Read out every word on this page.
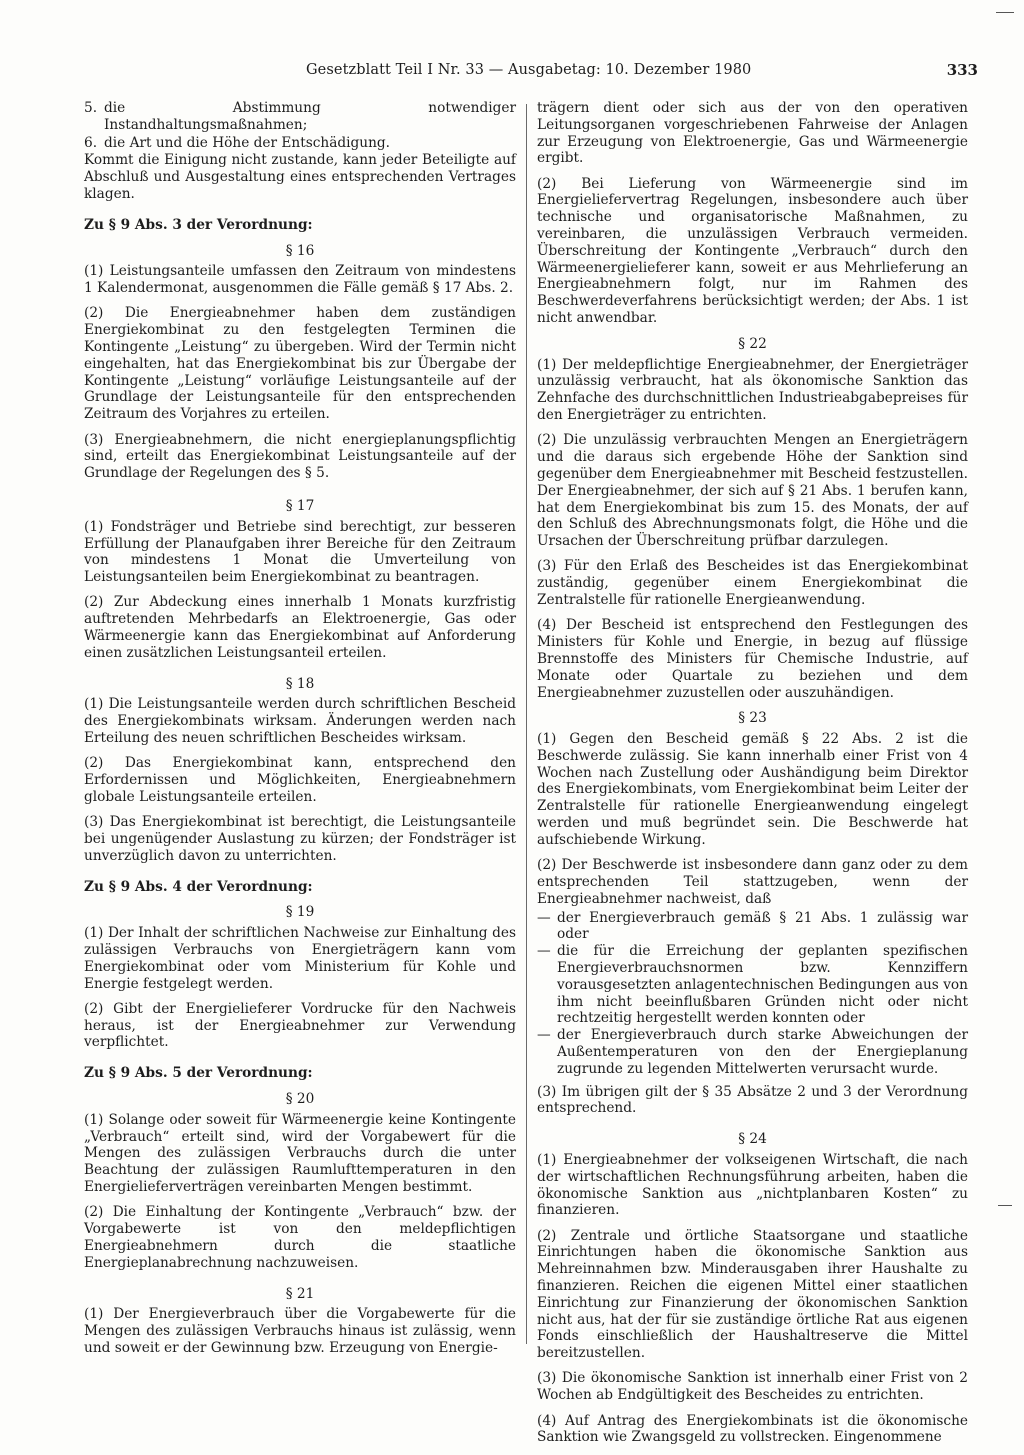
Gesetzblatt Teil I Nr. 33 — Ausgabetag: 10. Dezember 1980	333
5. die Abstimmung notwendiger Instandhaltungsmaßnahmen;
6. die Art und die Höhe der Entschädigung.

Kommt die Einigung nicht zustande, kann jeder Beteiligte auf Abschluß und Ausgestaltung eines entsprechenden Vertrages klagen.

Zu § 9 Abs. 3 der Verordnung:
§ 16

(1) Leistungsanteile umfassen den Zeitraum von mindestens 1 Kalendermonat, ausgenommen die Fälle gemäß § 17 Abs. 2.

(2) Die Energieabnehmer haben dem zuständigen Energiekombinat zu den festgelegten Terminen die Kontingente „Leistung“ zu übergeben. Wird der Termin nicht eingehalten, hat das Energiekombinat bis zur Übergabe der Kontingente „Leistung“ vorläufige Leistungsanteile auf der Grundlage der Leistungsanteile für den entsprechenden Zeitraum des Vorjahres zu erteilen.

(3) Energieabnehmern, die nicht energieplanungspflichtig sind, erteilt das Energiekombinat Leistungsanteile auf der Grundlage der Regelungen des § 5.

§ 17

(1) Fondsträger und Betriebe sind berechtigt, zur besseren Erfüllung der Planaufgaben ihrer Bereiche für den Zeitraum von mindestens 1 Monat die Umverteilung von Leistungsanteilen beim Energiekombinat zu beantragen.

(2) Zur Abdeckung eines innerhalb 1 Monats kurzfristig auftretenden Mehrbedarfs an Elektroenergie, Gas oder Wärmeenergie kann das Energiekombinat auf Anforderung einen zusätzlichen Leistungsanteil erteilen.

§ 18

(1) Die Leistungsanteile werden durch schriftlichen Bescheid des Energiekombinats wirksam. Änderungen werden nach Erteilung des neuen schriftlichen Bescheides wirksam.

(2) Das Energiekombinat kann, entsprechend den Erfordernissen und Möglichkeiten, Energieabnehmern globale Leistungsanteile erteilen.

(3) Das Energiekombinat ist berechtigt, die Leistungsanteile bei ungenügender Auslastung zu kürzen; der Fondsträger ist unverzüglich davon zu unterrichten.

Zu § 9 Abs. 4 der Verordnung:
§ 19

(1) Der Inhalt der schriftlichen Nachweise zur Einhaltung des zulässigen Verbrauchs von Energieträgern kann vom Energiekombinat oder vom Ministerium für Kohle und Energie festgelegt werden.

(2) Gibt der Energielieferer Vordrucke für den Nachweis heraus, ist der Energieabnehmer zur Verwendung verpflichtet.

Zu § 9 Abs. 5 der Verordnung:
§ 20

(1) Solange oder soweit für Wärmeenergie keine Kontingente „Verbrauch“ erteilt sind, wird der Vorgabewert für die Mengen des zulässigen Verbrauchs durch die unter Beachtung der zulässigen Raumlufttemperaturen in den Energielieferverträgen vereinbarten Mengen bestimmt.

(2) Die Einhaltung der Kontingente „Verbrauch“ bzw. der Vorgabewerte ist von den meldepflichtigen Energieabnehmern durch die staatliche Energieplanabrechnung nachzuweisen.

§ 21

(1) Der Energieverbrauch über die Vorgabewerte für die Mengen des zulässigen Verbrauchs hinaus ist zulässig, wenn und soweit er der Gewinnung bzw. Erzeugung von Energie-

trägern dient oder sich aus der von den operativen Leitungsorganen vorgeschriebenen Fahrweise der Anlagen zur Erzeugung von Elektroenergie, Gas und Wärmeenergie ergibt.

(2) Bei Lieferung von Wärmeenergie sind im Energieliefervertrag Regelungen, insbesondere auch über technische und organisatorische Maßnahmen, zu vereinbaren, die unzulässigen Verbrauch vermeiden. Überschreitung der Kontingente „Verbrauch“ durch den Wärmeenergielieferer kann, soweit er aus Mehrlieferung an Energieabnehmern folgt, nur im Rahmen des Beschwerdeverfahrens berücksichtigt werden; der Abs. 1 ist nicht anwendbar.

§ 22

(1) Der meldepflichtige Energieabnehmer, der Energieträger unzulässig verbraucht, hat als ökonomische Sanktion das Zehnfache des durchschnittlichen Industrieabgabepreises für den Energieträger zu entrichten.

(2) Die unzulässig verbrauchten Mengen an Energieträgern und die daraus sich ergebende Höhe der Sanktion sind gegenüber dem Energieabnehmer mit Bescheid festzustellen. Der Energieabnehmer, der sich auf § 21 Abs. 1 berufen kann, hat dem Energiekombinat bis zum 15. des Monats, der auf den Schluß des Abrechnungsmonats folgt, die Höhe und die Ursachen der Überschreitung prüfbar darzulegen.

(3) Für den Erlaß des Bescheides ist das Energiekombinat zuständig, gegenüber einem Energiekombinat die Zentralstelle für rationelle Energieanwendung.

(4) Der Bescheid ist entsprechend den Festlegungen des Ministers für Kohle und Energie, in bezug auf flüssige Brennstoffe des Ministers für Chemische Industrie, auf Monate oder Quartale zu beziehen und dem Energieabnehmer zuzustellen oder auszuhändigen.

§ 23

(1) Gegen den Bescheid gemäß § 22 Abs. 2 ist die Beschwerde zulässig. Sie kann innerhalb einer Frist von 4 Wochen nach Zustellung oder Aushändigung beim Direktor des Energiekombinats, vom Energiekombinat beim Leiter der Zentralstelle für rationelle Energieanwendung eingelegt werden und muß begründet sein. Die Beschwerde hat aufschiebende Wirkung.

(2) Der Beschwerde ist insbesondere dann ganz oder zu dem entsprechenden Teil stattzugeben, wenn der Energieabnehmer nachweist, daß

— der Energieverbrauch gemäß § 21 Abs. 1 zulässig war oder
— die für die Erreichung der geplanten spezifischen Energieverbrauchsnormen bzw. Kennziffern vorausgesetzten anlagentechnischen Bedingungen aus von ihm nicht beeinflußbaren Gründen nicht oder nicht rechtzeitig hergestellt werden konnten oder
— der Energieverbrauch durch starke Abweichungen der Außentemperaturen von den der Energieplanung zugrunde zu legenden Mittelwerten verursacht wurde.

(3) Im übrigen gilt der § 35 Absätze 2 und 3 der Verordnung entsprechend.

§ 24

(1) Energieabnehmer der volkseigenen Wirtschaft, die nach der wirtschaftlichen Rechnungsführung arbeiten, haben die ökonomische Sanktion aus „nichtplanbaren Kosten“ zu finanzieren.

(2) Zentrale und örtliche Staatsorgane und staatliche Einrichtungen haben die ökonomische Sanktion aus Mehreinnahmen bzw. Minderausgaben ihrer Haushalte zu finanzieren. Reichen die eigenen Mittel einer staatlichen Einrichtung zur Finanzierung der ökonomischen Sanktion nicht aus, hat der für sie zuständige örtliche Rat aus eigenen Fonds einschließlich der Haushaltreserve die Mittel bereitzustellen.

(3) Die ökonomische Sanktion ist innerhalb einer Frist von 2 Wochen ab Endgültigkeit des Bescheides zu entrichten.

(4) Auf Antrag des Energiekombinats ist die ökonomische Sanktion wie Zwangsgeld zu vollstrecken. Eingenommene
